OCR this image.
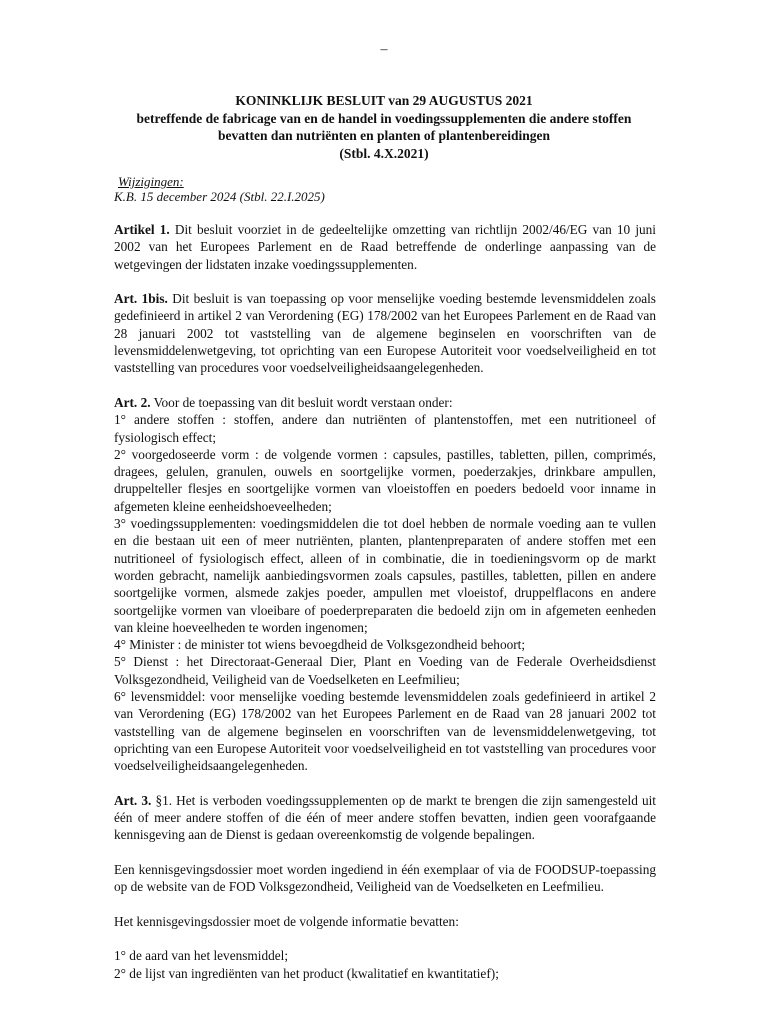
–
KONINKLIJK BESLUIT van 29 AUGUSTUS 2021
betreffende de fabricage van en de handel in voedingssupplementen die andere stoffen
bevatten dan nutriënten en planten of plantenbereidingen
(Stbl. 4.X.2021)
Wijzigingen:
K.B. 15 december 2024 (Stbl. 22.I.2025)

Artikel 1. Dit besluit voorziet in de gedeeltelijke omzetting van richtlijn 2002/46/EG van 10 juni 2002 van het Europees Parlement en de Raad betreffende de onderlinge aanpassing van de wetgevingen der lidstaten inzake voedingssupplementen.

Art. 1bis. Dit besluit is van toepassing op voor menselijke voeding bestemde levensmiddelen zoals gedefinieerd in artikel 2 van Verordening (EG) 178/2002 van het Europees Parlement en de Raad van 28 januari 2002 tot vaststelling van de algemene beginselen en voorschriften van de levensmiddelenwetgeving, tot oprichting van een Europese Autoriteit voor voedselveiligheid en tot vaststelling van procedures voor voedselveiligheidsaangelegenheden.

Art. 2. Voor de toepassing van dit besluit wordt verstaan onder:

1° andere stoffen : stoffen, andere dan nutriënten of plantenstoffen, met een nutritioneel of fysiologisch effect;

2° voorgedoseerde vorm : de volgende vormen : capsules, pastilles, tabletten, pillen, comprimés, dragees, gelulen, granulen, ouwels en soortgelijke vormen, poederzakjes, drinkbare ampullen, druppelteller flesjes en soortgelijke vormen van vloeistoffen en poeders bedoeld voor inname in afgemeten kleine eenheidshoeveelheden;

3° voedingssupplementen: voedingsmiddelen die tot doel hebben de normale voeding aan te vullen en die bestaan uit een of meer nutriënten, planten, plantenpreparaten of andere stoffen met een nutritioneel of fysiologisch effect, alleen of in combinatie, die in toedieningsvorm op de markt worden gebracht, namelijk aanbiedingsvormen zoals capsules, pastilles, tabletten, pillen en andere soortgelijke vormen, alsmede zakjes poeder, ampullen met vloeistof, druppelflacons en andere soortgelijke vormen van vloeibare of poederpreparaten die bedoeld zijn om in afgemeten eenheden van kleine hoeveelheden te worden ingenomen;

4° Minister : de minister tot wiens bevoegdheid de Volksgezondheid behoort;

5° Dienst : het Directoraat-Generaal Dier, Plant en Voeding van de Federale Overheidsdienst Volksgezondheid, Veiligheid van de Voedselketen en Leefmilieu;

6° levensmiddel: voor menselijke voeding bestemde levensmiddelen zoals gedefinieerd in artikel 2 van Verordening (EG) 178/2002 van het Europees Parlement en de Raad van 28 januari 2002 tot vaststelling van de algemene beginselen en voorschriften van de levensmiddelenwetgeving, tot oprichting van een Europese Autoriteit voor voedselveiligheid en tot vaststelling van procedures voor voedselveiligheidsaangelegenheden.

Art. 3. §1. Het is verboden voedingssupplementen op de markt te brengen die zijn samengesteld uit één of meer andere stoffen of die één of meer andere stoffen bevatten, indien geen voorafgaande kennisgeving aan de Dienst is gedaan overeenkomstig de volgende bepalingen.

Een kennisgevingsdossier moet worden ingediend in één exemplaar of via de FOODSUP-toepassing op de website van de FOD Volksgezondheid, Veiligheid van de Voedselketen en Leefmilieu.

Het kennisgevingsdossier moet de volgende informatie bevatten:

1° de aard van het levensmiddel;

2° de lijst van ingrediënten van het product (kwalitatief en kwantitatief);
